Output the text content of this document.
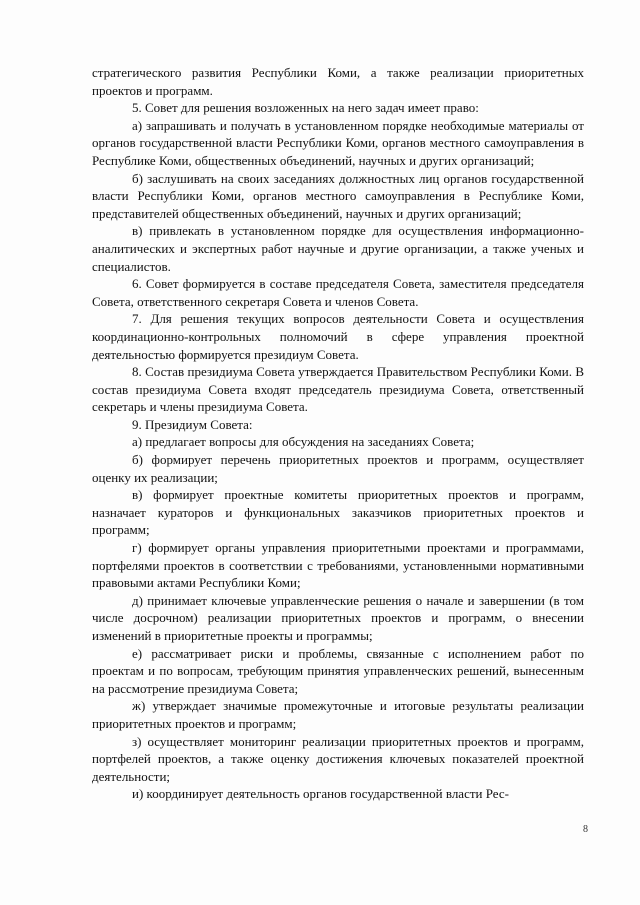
стратегического развития Республики Коми, а также реализации приоритетных проектов и программ.

5. Совет для решения возложенных на него задач имеет право:

а) запрашивать и получать в установленном порядке необходимые материалы от органов государственной власти Республики Коми, органов местного самоуправления в Республике Коми, общественных объединений, научных и других организаций;

б) заслушивать на своих заседаниях должностных лиц органов государственной власти Республики Коми, органов местного самоуправления в Республике Коми, представителей общественных объединений, научных и других организаций;

в) привлекать в установленном порядке для осуществления информационно-аналитических и экспертных работ научные и другие организации, а также ученых и специалистов.

6. Совет формируется в составе председателя Совета, заместителя председателя Совета, ответственного секретаря Совета и членов Совета.

7. Для решения текущих вопросов деятельности Совета и осуществления координационно-контрольных полномочий в сфере управления проектной деятельностью формируется президиум Совета.

8. Состав президиума Совета утверждается Правительством Республики Коми. В состав президиума Совета входят председатель президиума Совета, ответственный секретарь и члены президиума Совета.

9. Президиум Совета:

а) предлагает вопросы для обсуждения на заседаниях Совета;

б) формирует перечень приоритетных проектов и программ, осуществляет оценку их реализации;

в) формирует проектные комитеты приоритетных проектов и программ, назначает кураторов и функциональных заказчиков приоритетных проектов и программ;

г) формирует органы управления приоритетными проектами и программами, портфелями проектов в соответствии с требованиями, установленными нормативными правовыми актами Республики Коми;

д) принимает ключевые управленческие решения о начале и завершении (в том числе досрочном) реализации приоритетных проектов и программ, о внесении изменений в приоритетные проекты и программы;

е) рассматривает риски и проблемы, связанные с исполнением работ по проектам и по вопросам, требующим принятия управленческих решений, вынесенным на рассмотрение президиума Совета;

ж) утверждает значимые промежуточные и итоговые результаты реализации приоритетных проектов и программ;

з) осуществляет мониторинг реализации приоритетных проектов и программ, портфелей проектов, а также оценку достижения ключевых показателей проектной деятельности;

и) координирует деятельность органов государственной власти Рес-

8
